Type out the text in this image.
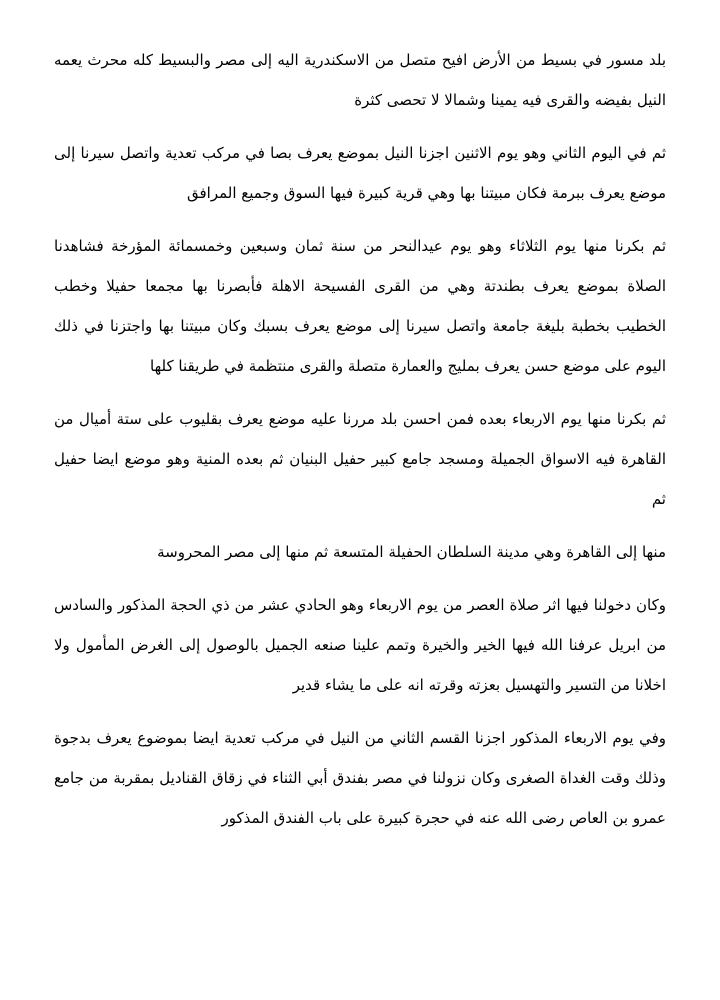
بلد مسور في بسيط من الأرض افيح متصل من الاسكندرية اليه إلى مصر والبسيط كله محرث يعمه النيل بفيضه والقرى فيه يمينا وشمالا لا تحصى كثرة

ثم في اليوم الثاني وهو يوم الاثنين اجزنا النيل بموضع يعرف بصا في مركب تعدية واتصل سيرنا إلى موضع يعرف ببرمة فكان مبيتنا بها وهي قرية كبيرة فيها السوق وجميع المرافق

ثم بكرنا منها يوم الثلاثاء وهو يوم عيدالنحر من سنة ثمان وسبعين وخمسمائة المؤرخة فشاهدنا الصلاة بموضع يعرف بطندتة وهي من القرى الفسيحة الاهلة فأبصرنا بها مجمعا حفيلا وخطب الخطيب بخطبة بليغة جامعة واتصل سيرنا إلى موضع يعرف بسبك وكان مبيتنا بها واجتزنا في ذلك اليوم على موضع حسن يعرف بمليج والعمارة متصلة والقرى منتظمة في طريقنا كلها

ثم بكرنا منها يوم الاربعاء بعده فمن احسن بلد مررنا عليه موضع يعرف بقليوب على ستة أميال من القاهرة فيه الاسواق الجميلة ومسجد جامع كبير حفيل البنيان ثم بعده المنية وهو موضع ايضا حفيل ثم

منها إلى القاهرة وهي مدينة السلطان الحفيلة المتسعة ثم منها إلى مصر المحروسة

وكان دخولنا فيها اثر صلاة العصر من يوم الاربعاء وهو الحادي عشر من ذي الحجة المذكور والسادس من ابريل عرفنا الله فيها الخير والخيرة وتمم علينا صنعه الجميل بالوصول إلى الغرض المأمول ولا اخلانا من التسير والتهسيل بعزته وقرته انه على ما يشاء قدير

وفي يوم الاربعاء المذكور اجزنا القسم الثاني من النيل في مركب تعدية ايضا بموضوع يعرف بدجوة وذلك وقت الغداة الصغرى وكان نزولنا في مصر بفندق أبي الثناء في زقاق القناديل بمقربة من جامع عمرو بن العاص رضى الله عنه في حجرة كبيرة على باب الفندق المذكور
